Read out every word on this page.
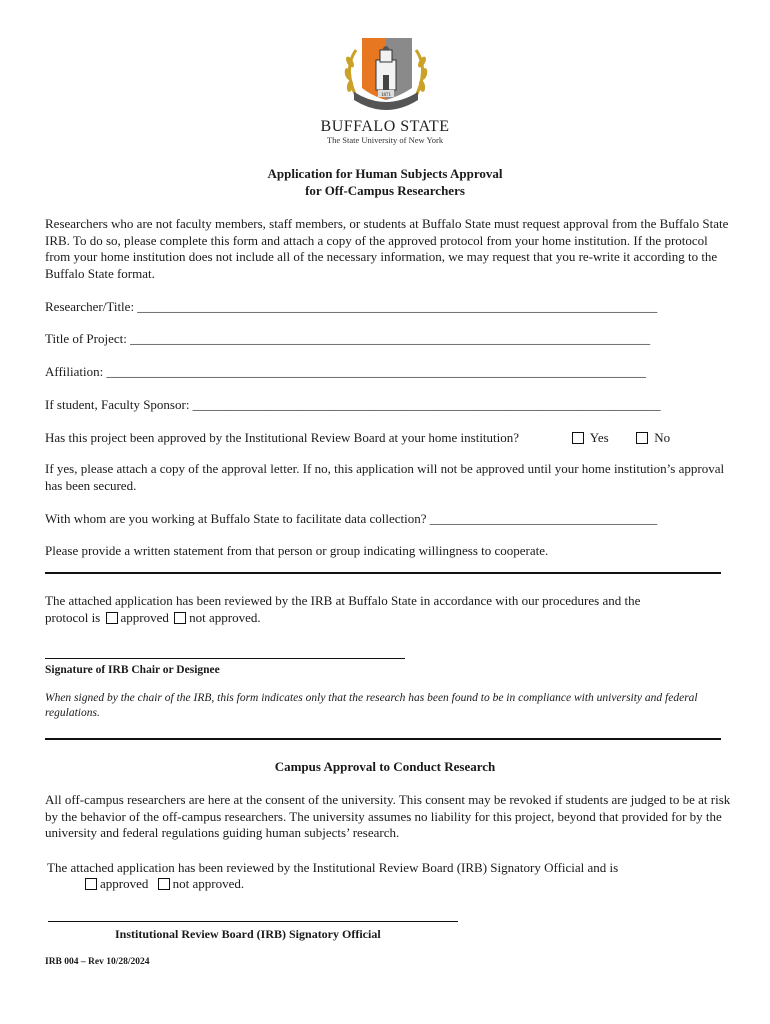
1871
BUFFALO STATE
The State University of New York
Application for Human Subjects Approval
for Off-Campus Researchers
Researchers who are not faculty members, staff members, or students at Buffalo State must request approval from the Buffalo State IRB. To do so, please complete this form and attach a copy of the approved protocol from your home institution. If the protocol from your home institution does not include all of the necessary information, we may request that you re-write it according to the Buffalo State format.
Researcher/Title: ________________________________________________________________________________
Title of Project: ________________________________________________________________________________
Affiliation: ___________________________________________________________________________________
If student, Faculty Sponsor: ________________________________________________________________________
Has this project been approved by the Institutional Review Board at your home institution?	Yes	No
If yes, please attach a copy of the approval letter. If no, this application will not be approved until your home institution’s approval has been secured.
With whom are you working at Buffalo State to facilitate data collection? ___________________________________
Please provide a written statement from that person or group indicating willingness to cooperate.
The attached application has been reviewed by the IRB at Buffalo State in accordance with our procedures and the
protocol is approved not approved.
Signature of IRB Chair or Designee
When signed by the chair of the IRB, this form indicates only that the research has been found to be in compliance with university and federal regulations.
Campus Approval to Conduct Research
All off-campus researchers are here at the consent of the university. This consent may be revoked if students are judged to be at risk by the behavior of the off-campus researchers. The university assumes no liability for this project, beyond that provided for by the university and federal regulations guiding human subjects’ research.
The attached application has been reviewed by the Institutional Review Board (IRB) Signatory Official and is
approved not approved.
Institutional Review Board (IRB) Signatory Official
IRB 004 – Rev 10/28/2024
